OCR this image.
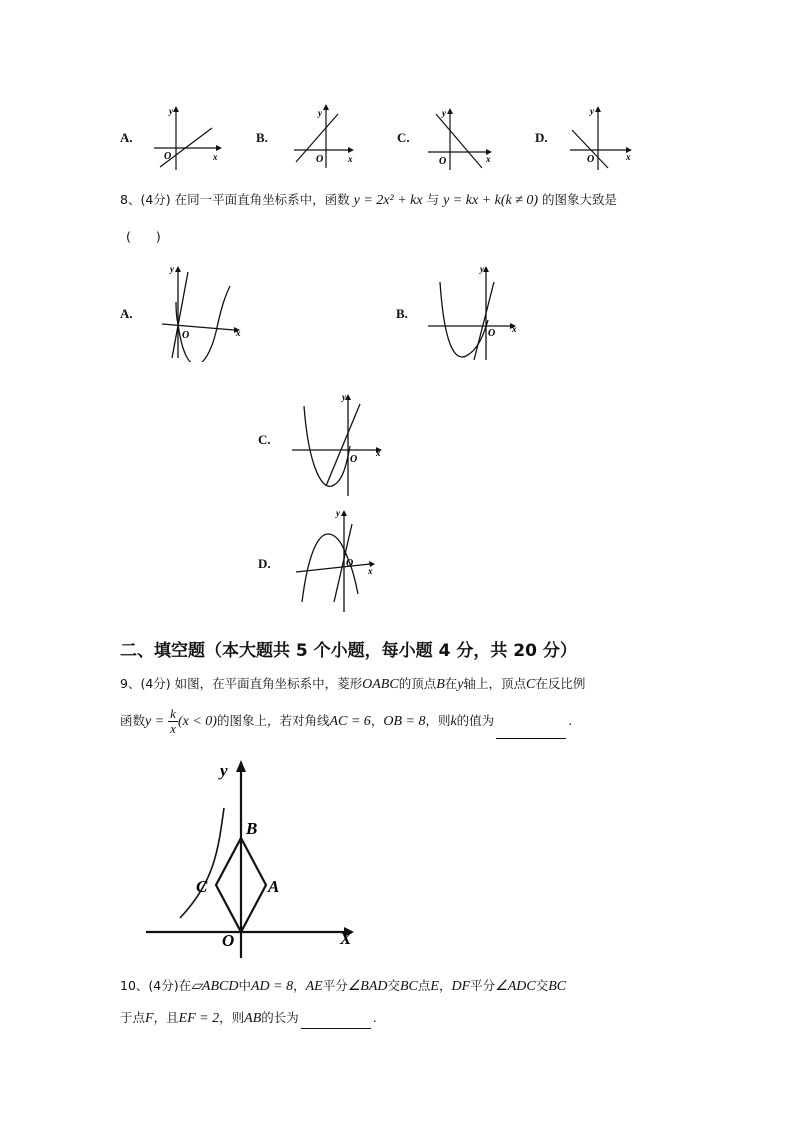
A.
y
x
O
B.
y
x
O
C.
y
x
O
D.
y
x
O
8、(4分) 在同一平面直角坐标系中，函数 y = 2x² + kx 与 y = kx + k(k ≠ 0) 的图象大致是
(　　)
A.
y
x
O
B.
y
x
O
C.
y
x
O
D.
y
x
O
二、填空题（本大题共 5 个小题，每小题 4 分，共 20 分）
9、(4分) 如图，在平面直角坐标系中，菱形OABC的顶点B在y轴上，顶点C在反比例
函数$y = \frac{k}{x} (x < 0)$的图象上，若对角线AC = 6，OB = 8，则k的值为	.
y
X
O
A
B
C
10、(4分)在▱ABCD中AD = 8，AE平分∠BAD交BC点E，DF平分∠ADC交BC
于点F，且EF = 2，则AB的长为	.
